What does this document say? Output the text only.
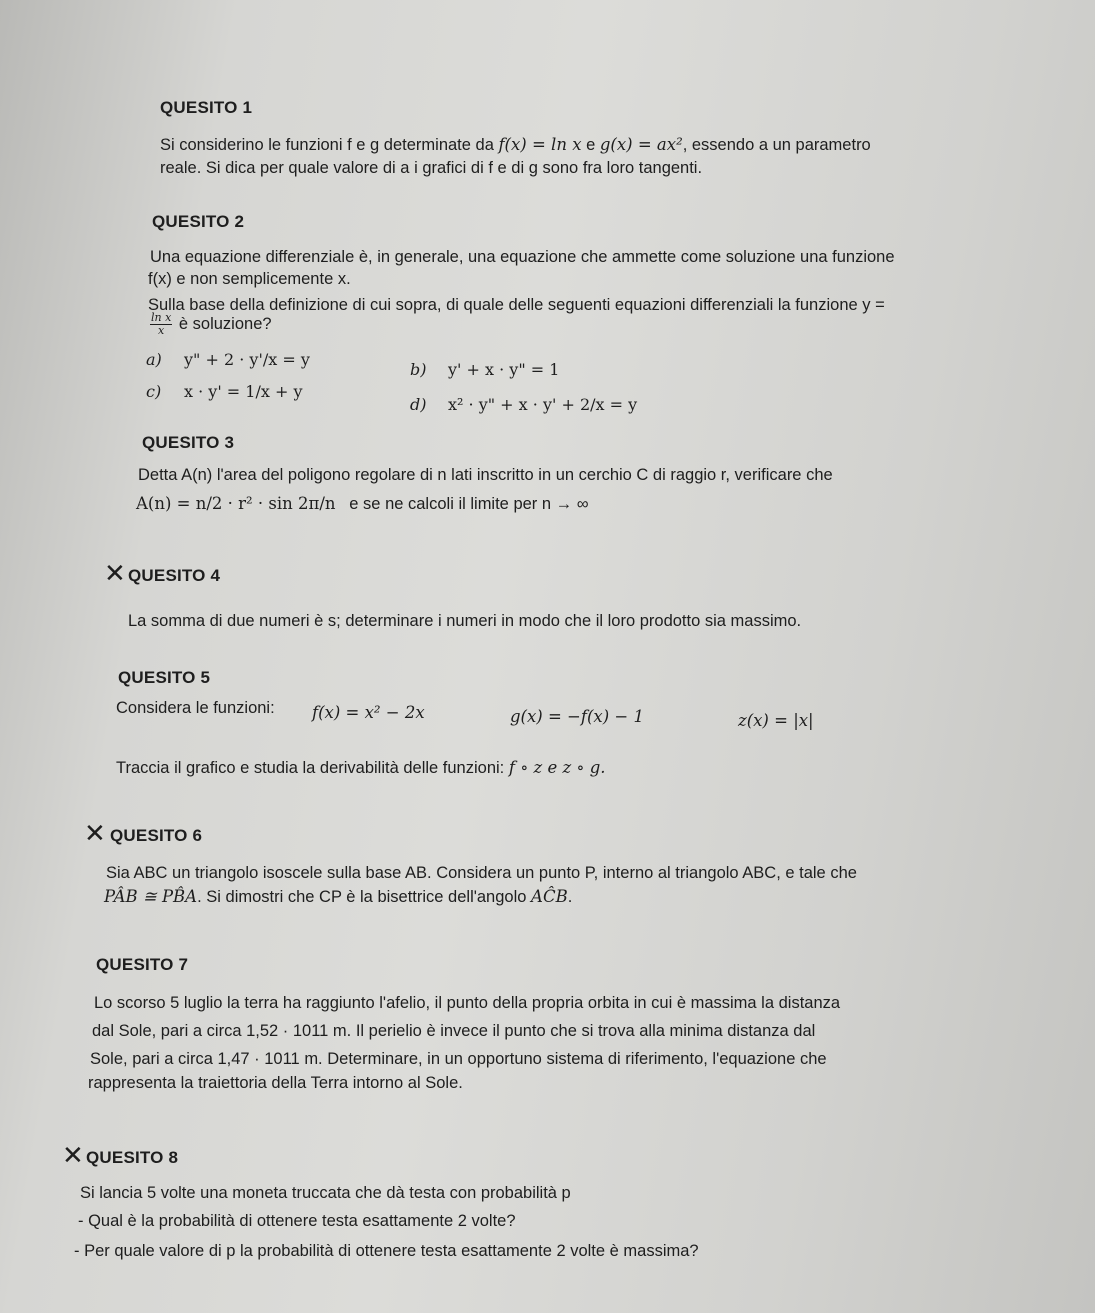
QUESITO 1
Si considerino le funzioni f e g determinate da f(x) = ln x e g(x) = ax², essendo a un parametro
reale. Si dica per quale valore di a i grafici di f e di g sono fra loro tangenti.
QUESITO 2
Una equazione differenziale è, in generale, una equazione che ammette come soluzione una funzione
f(x) e non semplicemente x.
Sulla base della definizione di cui sopra, di quale delle seguenti equazioni differenziali la funzione y =
$\frac{\text{ln x}}{x}$ è soluzione?
a) y" + 2 · y'/x = y
b) y' + x · y" = 1
c) x · y' = 1/x + y
d) x² · y" + x · y' + 2/x = y
QUESITO 3
Detta A(n) l'area del poligono regolare di n lati inscritto in un cerchio C di raggio r, verificare che
A(n) = n/2 · r² · sin 2π/n e se ne calcoli il limite per n → ∞
✕ QUESITO 4
La somma di due numeri è s; determinare i numeri in modo che il loro prodotto sia massimo.
QUESITO 5
Considera le funzioni: f(x) = x² − 2x	g(x) = −f(x) − 1	z(x) = |x|
Traccia il grafico e studia la derivabilità delle funzioni: f ∘ z e z ∘ g.
✕ QUESITO 6
Sia ABC un triangolo isoscele sulla base AB. Considera un punto P, interno al triangolo ABC, e tale che
PÂB ≅ PB̂A. Si dimostri che CP è la bisettrice dell'angolo AĈB.
QUESITO 7
Lo scorso 5 luglio la terra ha raggiunto l'afelio, il punto della propria orbita in cui è massima la distanza
dal Sole, pari a circa 1,52 · 1011 m. Il perielio è invece il punto che si trova alla minima distanza dal
Sole, pari a circa 1,47 · 1011 m. Determinare, in un opportuno sistema di riferimento, l'equazione che
rappresenta la traiettoria della Terra intorno al Sole.
✕ QUESITO 8
Si lancia 5 volte una moneta truccata che dà testa con probabilità p
- Qual è la probabilità di ottenere testa esattamente 2 volte?
- Per quale valore di p la probabilità di ottenere testa esattamente 2 volte è massima?
